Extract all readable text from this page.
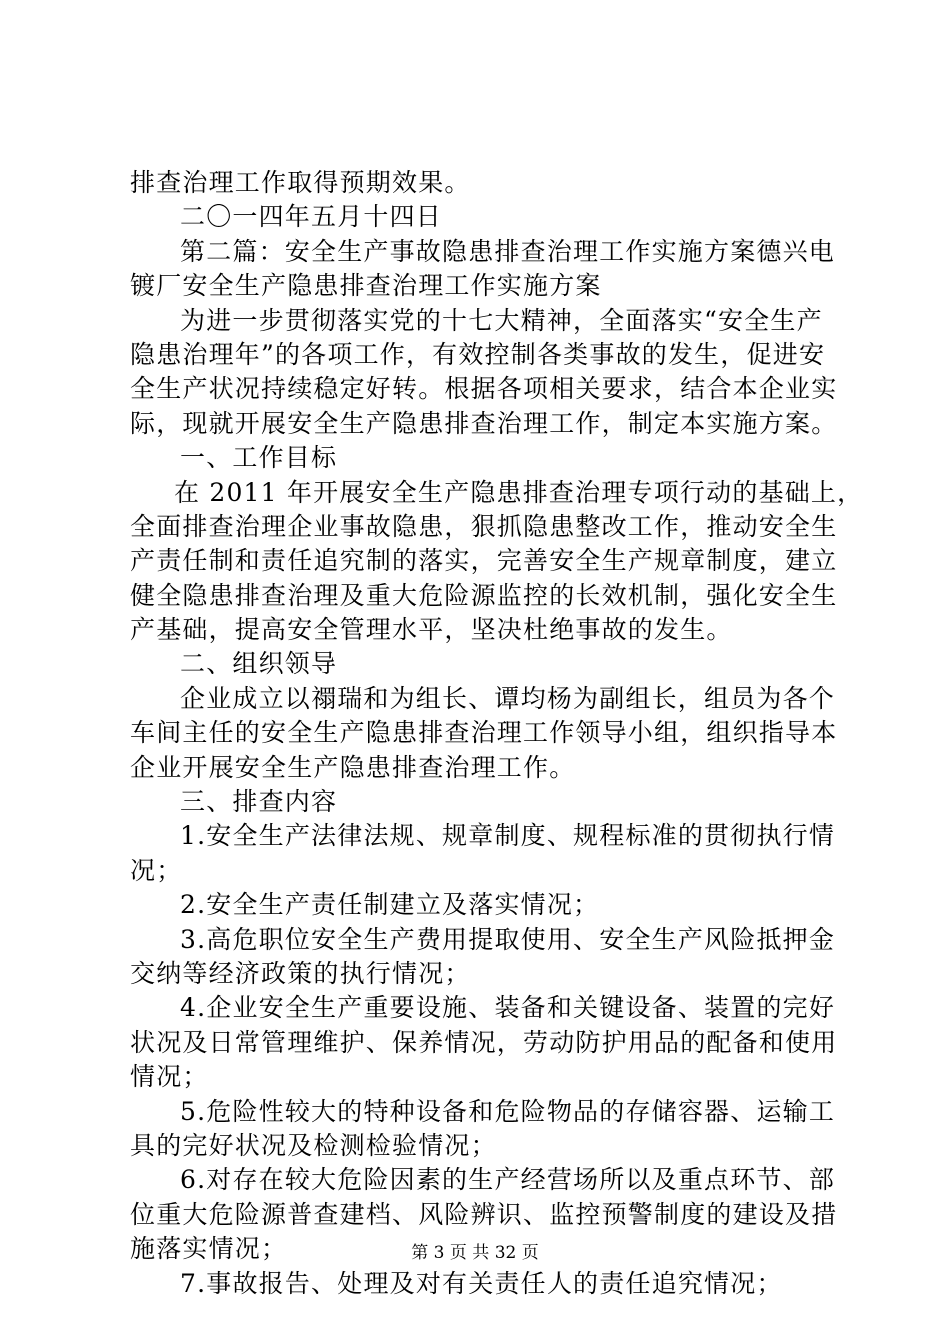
排查治理工作取得预期效果。
二〇一四年五月十四日
第二篇：安全生产事故隐患排查治理工作实施方案德兴电
镀厂安全生产隐患排查治理工作实施方案
为进一步贯彻落实党的十七大精神，全面落实“安全生产
隐患治理年”的各项工作，有效控制各类事故的发生，促进安
全生产状况持续稳定好转。根据各项相关要求，结合本企业实
际，现就开展安全生产隐患排查治理工作，制定本实施方案。
一、工作目标
在 2011 年开展安全生产隐患排查治理专项行动的基础上，
全面排查治理企业事故隐患，狠抓隐患整改工作，推动安全生
产责任制和责任追究制的落实，完善安全生产规章制度，建立
健全隐患排查治理及重大危险源监控的长效机制，强化安全生
产基础，提高安全管理水平，坚决杜绝事故的发生。
二、组织领导
企业成立以禤瑞和为组长、谭均杨为副组长，组员为各个
车间主任的安全生产隐患排查治理工作领导小组，组织指导本
企业开展安全生产隐患排查治理工作。
三、排查内容
1.安全生产法律法规、规章制度、规程标准的贯彻执行情
况；
2.安全生产责任制建立及落实情况；
3.高危职位安全生产费用提取使用、安全生产风险抵押金
交纳等经济政策的执行情况；
4.企业安全生产重要设施、装备和关键设备、装置的完好
状况及日常管理维护、保养情况，劳动防护用品的配备和使用
情况；
5.危险性较大的特种设备和危险物品的存储容器、运输工
具的完好状况及检测检验情况；
6.对存在较大危险因素的生产经营场所以及重点环节、部
位重大危险源普查建档、风险辨识、监控预警制度的建设及措
施落实情况；
7.事故报告、处理及对有关责任人的责任追究情况；
第 3 页 共 32 页
